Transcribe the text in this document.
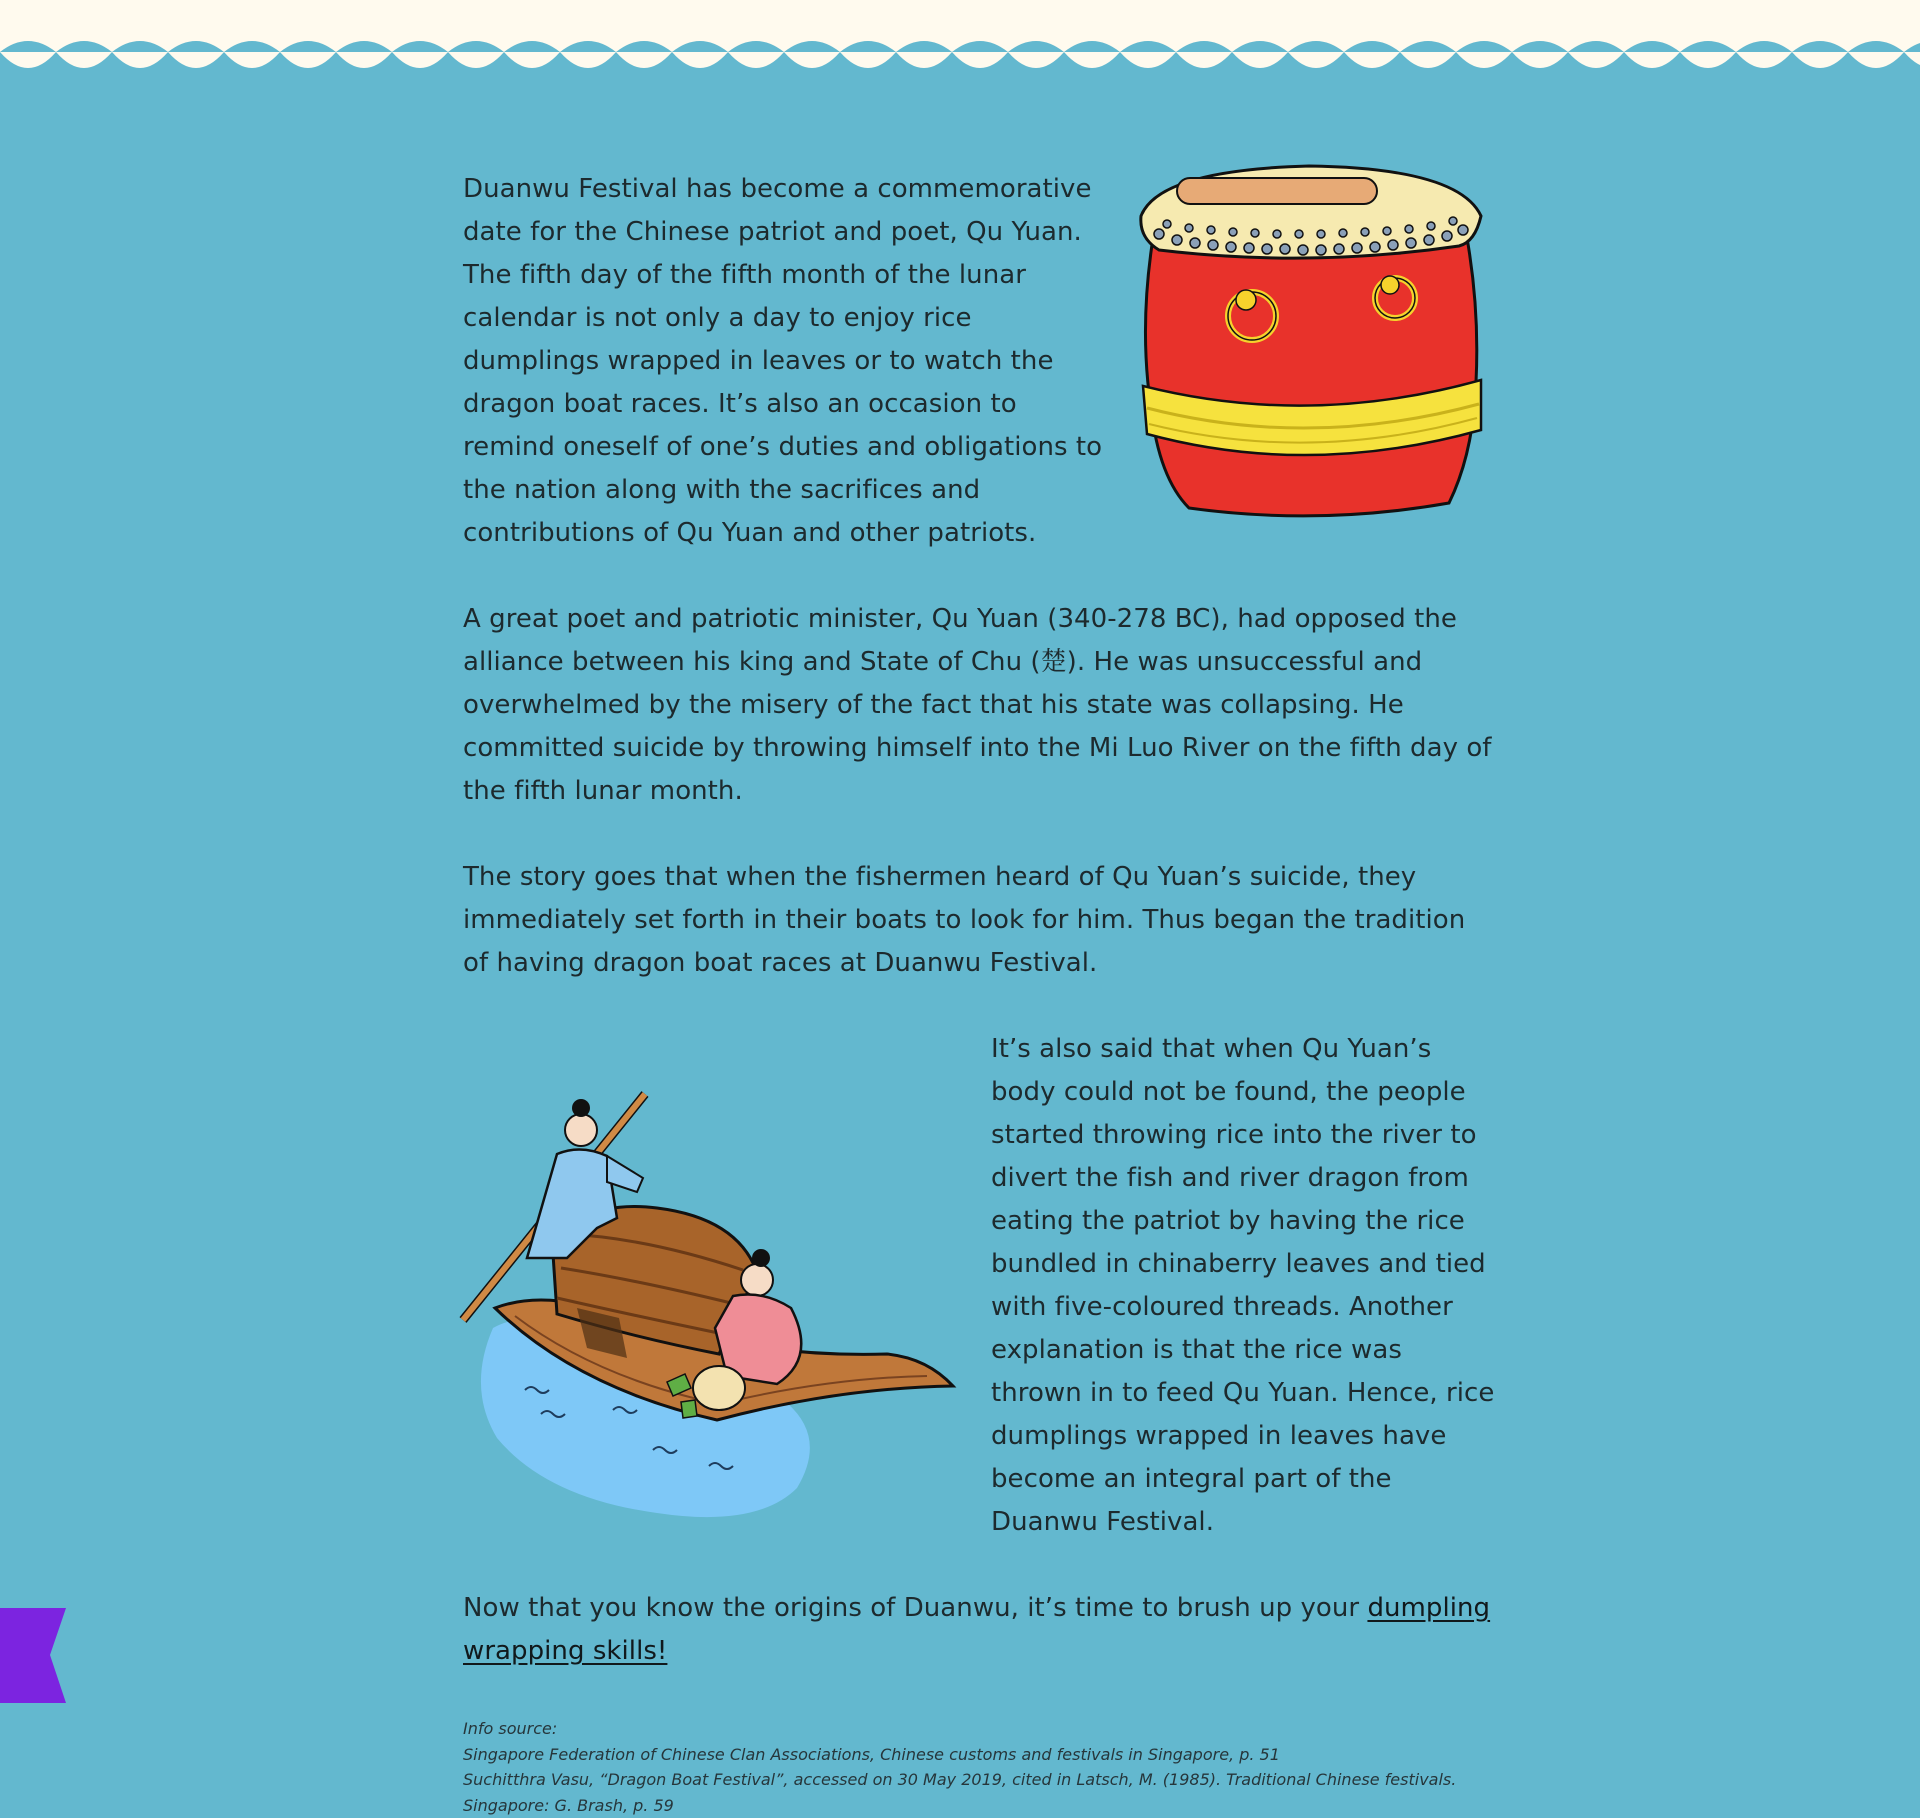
Duanwu Festival has become a commemorative date for the Chinese patriot and poet, Qu Yuan. The fifth day of the fifth month of the lunar calendar is not only a day to enjoy rice dumplings wrapped in leaves or to watch the dragon boat races. It’s also an occasion to remind oneself of one’s duties and obligations to the nation along with the sacrifices and contributions of Qu Yuan and other patriots.

A great poet and patriotic minister, Qu Yuan (340-278 BC), had opposed the alliance between his king and State of Chu (楚). He was unsuccessful and overwhelmed by the misery of the fact that his state was collapsing. He committed suicide by throwing himself into the Mi Luo River on the fifth day of the fifth lunar month.

The story goes that when the fishermen heard of Qu Yuan’s suicide, they immediately set forth in their boats to look for him. Thus began the tradition of having dragon boat races at Duanwu Festival.

It’s also said that when Qu Yuan’s body could not be found, the people started throwing rice into the river to divert the fish and river dragon from eating the patriot by having the rice bundled in chinaberry leaves and tied with five-coloured threads. Another explanation is that the rice was thrown in to feed Qu Yuan. Hence, rice dumplings wrapped in leaves have become an integral part of the Duanwu Festival.

Now that you know the origins of Duanwu, it’s time to brush up your dumpling wrapping skills!

Info source:
Singapore Federation of Chinese Clan Associations, Chinese customs and festivals in Singapore, p. 51
Suchitthra Vasu, “Dragon Boat Festival”, accessed on 30 May 2019, cited in Latsch, M. (1985). Traditional Chinese festivals.
Singapore: G. Brash, p. 59
